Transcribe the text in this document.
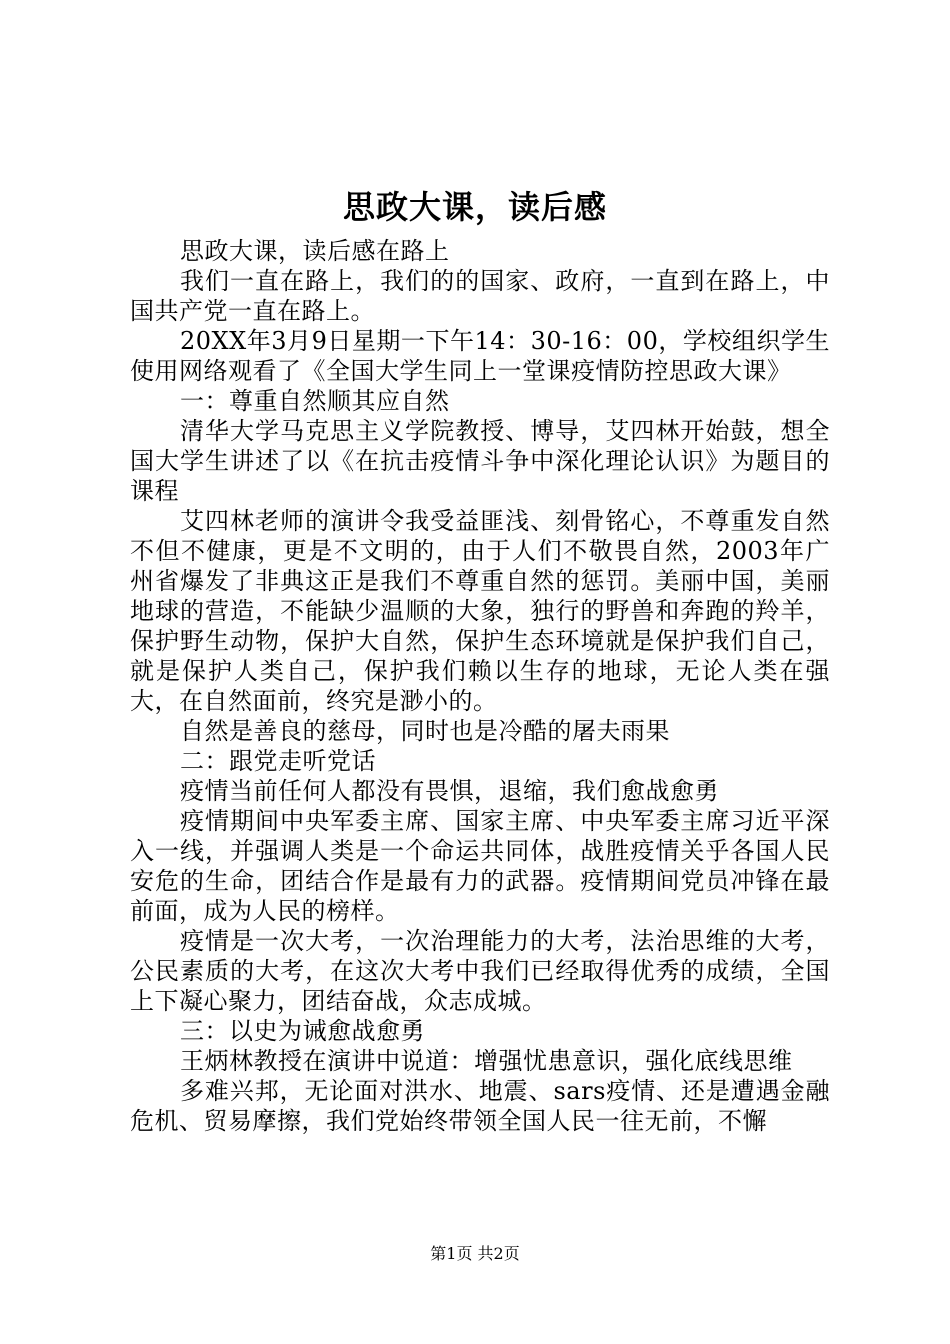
思政大课，读后感

思政大课，读后感在路上

我们一直在路上，我们的的国家、政府，一直到在路上，中国共产党一直在路上。

20XX年3月9日星期一下午14：30-16：00，学校组织学生使用网络观看了《全国大学生同上一堂课疫情防控思政大课》

一：尊重自然顺其应自然

清华大学马克思主义学院教授、博导，艾四林开始鼓，想全国大学生讲述了以《在抗击疫情斗争中深化理论认识》为题目的课程

艾四林老师的演讲令我受益匪浅、刻骨铭心，不尊重发自然不但不健康，更是不文明的，由于人们不敬畏自然，2003年广州省爆发了非典这正是我们不尊重自然的惩罚。美丽中国，美丽地球的营造，不能缺少温顺的大象，独行的野兽和奔跑的羚羊，保护野生动物，保护大自然，保护生态环境就是保护我们自己，就是保护人类自己，保护我们赖以生存的地球，无论人类在强大，在自然面前，终究是渺小的。

自然是善良的慈母，同时也是冷酷的屠夫雨果

二：跟党走听党话

疫情当前任何人都没有畏惧，退缩，我们愈战愈勇

疫情期间中央军委主席、国家主席、中央军委主席习近平深入一线，并强调人类是一个命运共同体，战胜疫情关乎各国人民安危的生命，团结合作是最有力的武器。疫情期间党员冲锋在最前面，成为人民的榜样。

疫情是一次大考，一次治理能力的大考，法治思维的大考，公民素质的大考，在这次大考中我们已经取得优秀的成绩，全国上下凝心聚力，团结奋战，众志成城。

三：以史为诫愈战愈勇

王炳林教授在演讲中说道：增强忧患意识，强化底线思维

多难兴邦，无论面对洪水、地震、sars疫情、还是遭遇金融危机、贸易摩擦，我们党始终带领全国人民一往无前，不懈

第1页 共2页
